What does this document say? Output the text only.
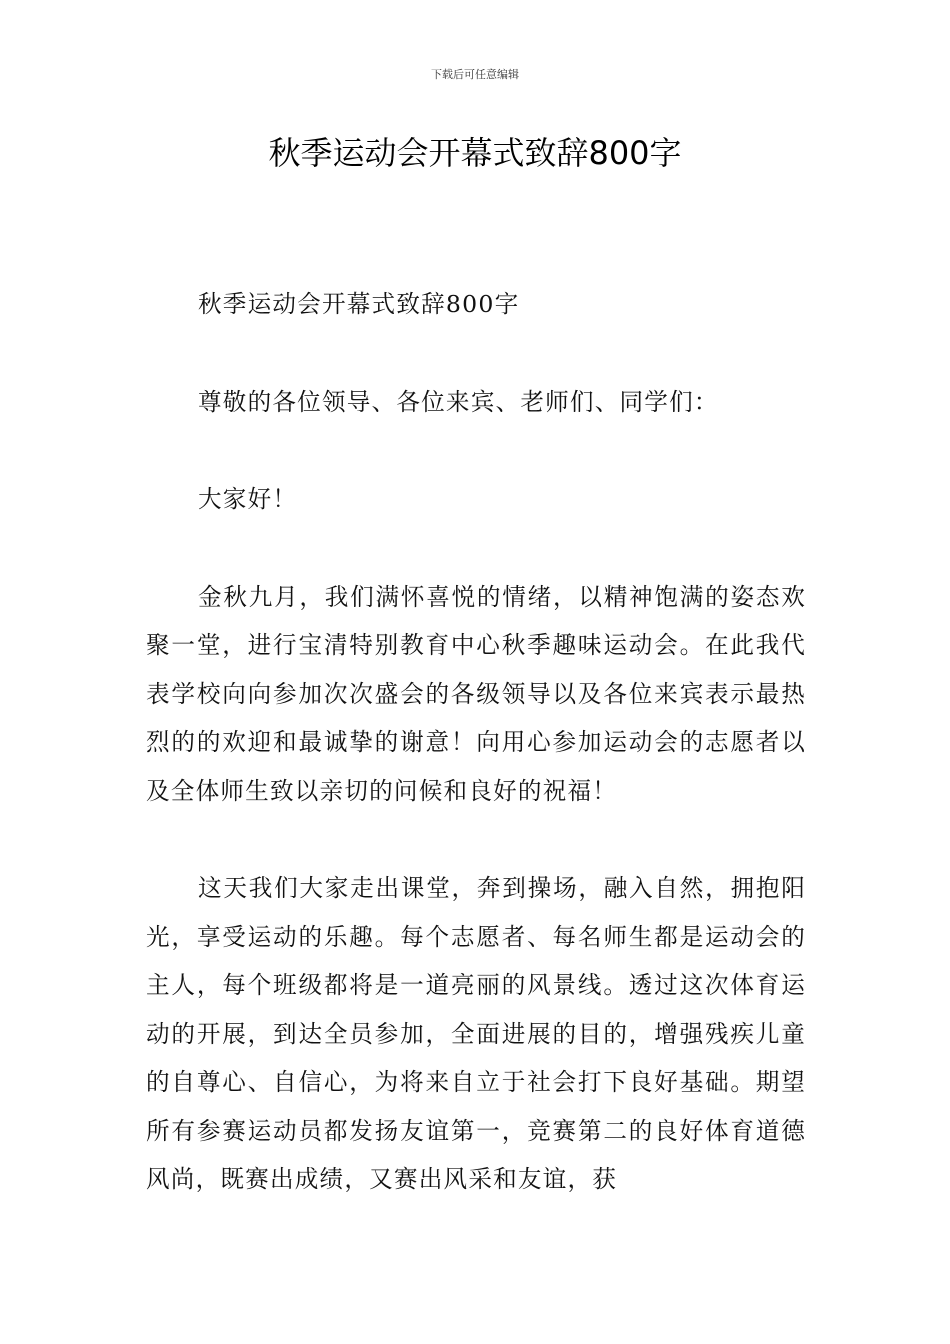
下载后可任意编辑
秋季运动会开幕式致辞800字

秋季运动会开幕式致辞800字

尊敬的各位领导、各位来宾、老师们、同学们：

大家好！

金秋九月，我们满怀喜悦的情绪，以精神饱满的姿态欢聚一堂，进行宝清特别教育中心秋季趣味运动会。在此我代表学校向向参加次次盛会的各级领导以及各位来宾表示最热烈的的欢迎和最诚挚的谢意！向用心参加运动会的志愿者以及全体师生致以亲切的问候和良好的祝福！

这天我们大家走出课堂，奔到操场，融入自然，拥抱阳光，享受运动的乐趣。每个志愿者、每名师生都是运动会的主人，每个班级都将是一道亮丽的风景线。透过这次体育运动的开展，到达全员参加，全面进展的目的，增强残疾儿童的自尊心、自信心，为将来自立于社会打下良好基础。期望所有参赛运动员都发扬友谊第一，竞赛第二的良好体育道德风尚，既赛出成绩，又赛出风采和友谊，获
